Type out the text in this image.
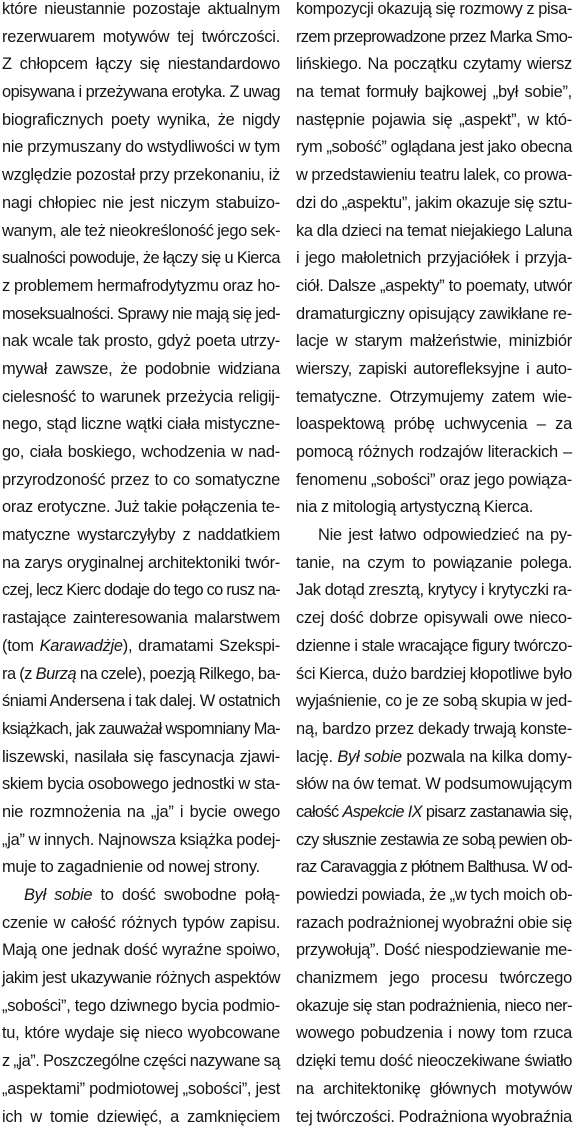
które nieustannie pozostaje aktualnym
rezerwuarem motywów tej twórczości.
Z chłopcem łączy się niestandardowo
opisywana i przeżywana erotyka. Z uwag
biograficznych poety wynika, że nigdy
nie przymuszany do wstydliwości w tym
względzie pozostał przy przekonaniu, iż
nagi chłopiec nie jest niczym stabuizo-
wanym, ale też nieokreśloność jego sek-
sualności powoduje, że łączy się u Kierca
z problemem hermafrodytyzmu oraz ho-
moseksualności. Sprawy nie mają się jed-
nak wcale tak prosto, gdyż poeta utrzy-
mywał zawsze, że podobnie widziana
cielesność to warunek przeżycia religij-
nego, stąd liczne wątki ciała mistyczne-
go, ciała boskiego, wchodzenia w nad-
przyrodzoność przez to co somatyczne
oraz erotyczne. Już takie połączenia te-
matyczne wystarczyłyby z naddatkiem
na zarys oryginalnej architektoniki twór-
czej, lecz Kierc dodaje do tego co rusz na-
rastające zainteresowania malarstwem
(tom Karawadżje), dramatami Szekspi-
ra (z Burzą na czele), poezją Rilkego, ba-
śniami Andersena i tak dalej. W ostatnich
książkach, jak zauważał wspomniany Ma-
liszewski, nasilała się fascynacja zjawi-
skiem bycia osobowego jednostki w sta-
nie rozmnożenia na „ja” i bycie owego
„ja” w innych. Najnowsza książka podej-
muje to zagadnienie od nowej strony.
Był sobie to dość swobodne połą-
czenie w całość różnych typów zapisu.
Mają one jednak dość wyraźne spoiwo,
jakim jest ukazywanie różnych aspektów
„sobości”, tego dziwnego bycia podmio-
tu, które wydaje się nieco wyobcowane
z „ja”. Poszczególne części nazywane są
„aspektami” podmiotowej „sobości”, jest
ich w tomie dziewięć, a zamknięciem
kompozycji okazują się rozmowy z pisa-
rzem przeprowadzone przez Marka Smo-
lińskiego. Na początku czytamy wiersz
na temat formuły bajkowej „był sobie”,
następnie pojawia się „aspekt”, w któ-
rym „sobość” oglądana jest jako obecna
w przedstawieniu teatru lalek, co prowa-
dzi do „aspektu”, jakim okazuje się sztu-
ka dla dzieci na temat niejakiego Laluna
i jego małoletnich przyjaciółek i przyja-
ciół. Dalsze „aspekty” to poematy, utwór
dramaturgiczny opisujący zawikłane re-
lacje w starym małżeństwie, minizbiór
wierszy, zapiski autorefleksyjne i auto-
tematyczne. Otrzymujemy zatem wie-
loaspektową próbę uchwycenia – za
pomocą różnych rodzajów literackich –
fenomenu „sobości” oraz jego powiąza-
nia z mitologią artystyczną Kierca.
Nie jest łatwo odpowiedzieć na py-
tanie, na czym to powiązanie polega.
Jak dotąd zresztą, krytycy i krytyczki ra-
czej dość dobrze opisywali owe nieco-
dzienne i stale wracające figury twórczo-
ści Kierca, dużo bardziej kłopotliwe było
wyjaśnienie, co je ze sobą skupia w jed-
ną, bardzo przez dekady trwają konste-
lację. Był sobie pozwala na kilka domy-
słów na ów temat. W podsumowującym
całość Aspekcie IX pisarz zastanawia się,
czy słusznie zestawia ze sobą pewien ob-
raz Caravaggia z płótnem Balthusa. W od-
powiedzi powiada, że „w tych moich ob-
razach podrażnionej wyobraźni obie się
przywołują”. Dość niespodziewanie me-
chanizmem jego procesu twórczego
okazuje się stan podrażnienia, nieco ner-
wowego pobudzenia i nowy tom rzuca
dzięki temu dość nieoczekiwane światło
na architektonikę głównych motywów
tej twórczości. Podrażniona wyobraźnia
